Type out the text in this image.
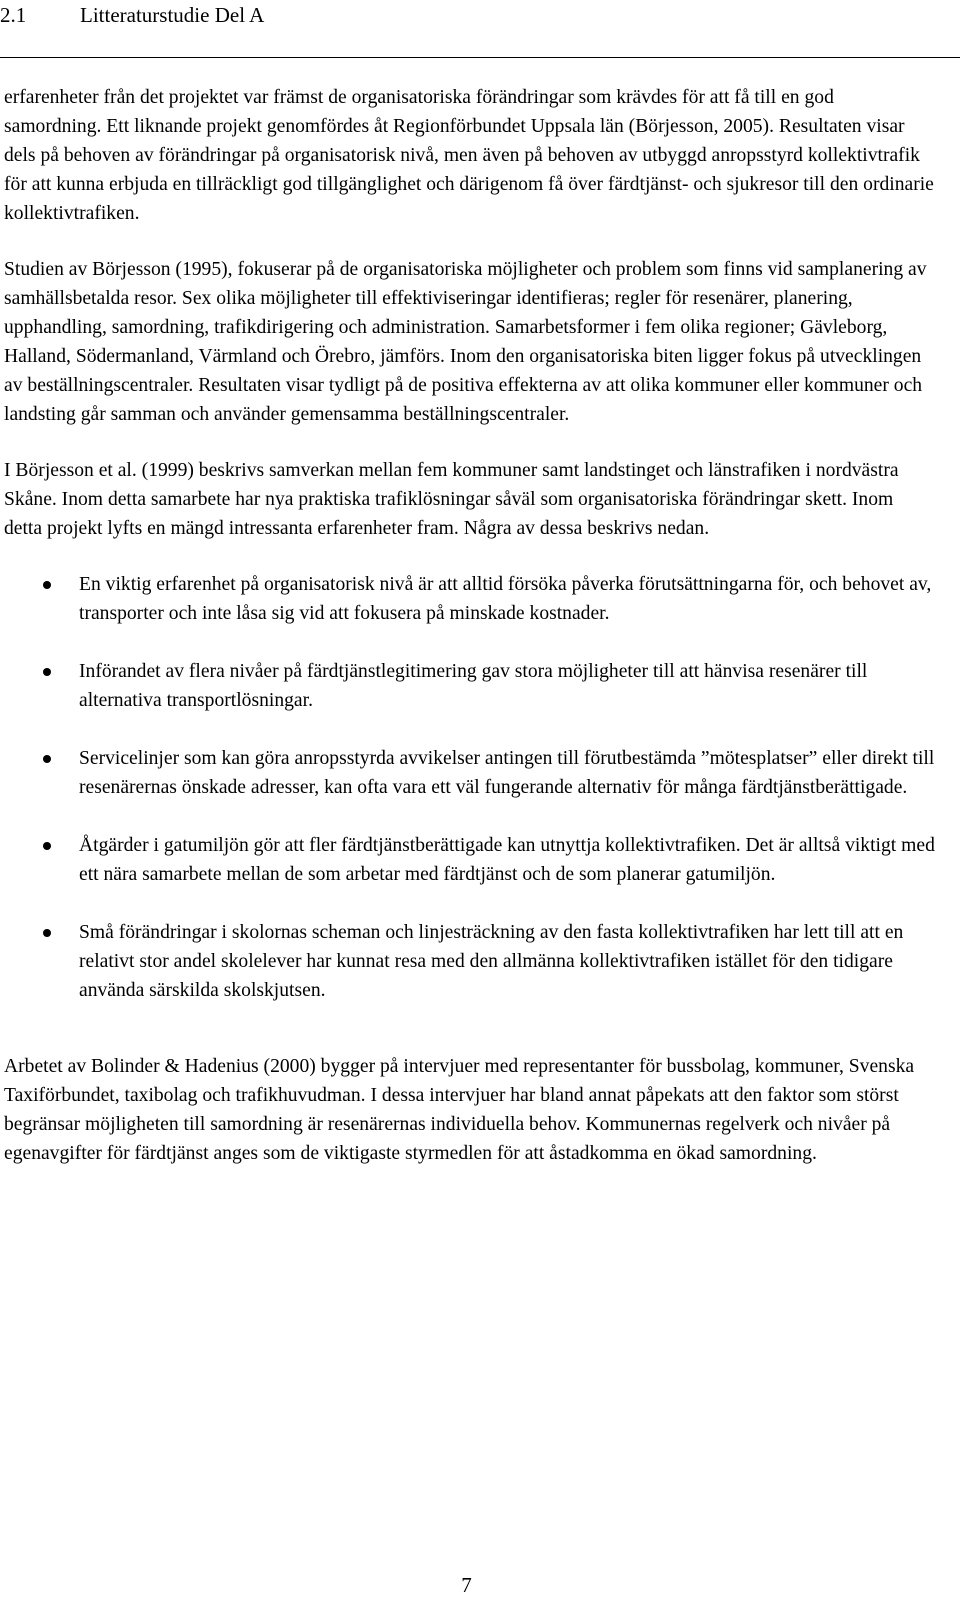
2.1	Litteraturstudie Del A

erfarenheter från det projektet var främst de organisatoriska förändringar som krävdes för att få till en god samordning. Ett liknande projekt genomfördes åt Regionförbundet Uppsala län (Börjesson, 2005). Resultaten visar dels på behoven av förändringar på organisatorisk nivå, men även på behoven av utbyggd anropsstyrd kollektivtrafik för att kunna erbjuda en tillräckligt god tillgänglighet och därigenom få över färdtjänst- och sjukresor till den ordinarie kollektivtrafiken.

Studien av Börjesson (1995), fokuserar på de organisatoriska möjligheter och problem som finns vid samplanering av samhällsbetalda resor. Sex olika möjligheter till effektiviseringar identifieras; regler för resenärer, planering, upphandling, samordning, trafikdirigering och administration. Samarbetsformer i fem olika regioner; Gävleborg, Halland, Södermanland, Värmland och Örebro, jämförs. Inom den organisatoriska biten ligger fokus på utvecklingen av beställningscentraler. Resultaten visar tydligt på de positiva effekterna av att olika kommuner eller kommuner och landsting går samman och använder gemensamma beställningscentraler.

I Börjesson et al. (1999) beskrivs samverkan mellan fem kommuner samt landstinget och länstrafiken i nordvästra Skåne. Inom detta samarbete har nya praktiska trafiklösningar såväl som organisatoriska förändringar skett. Inom detta projekt lyfts en mängd intressanta erfarenheter fram. Några av dessa beskrivs nedan.

En viktig erfarenhet på organisatorisk nivå är att alltid försöka påverka förutsättningarna för, och behovet av, transporter och inte låsa sig vid att fokusera på minskade kostnader.
Införandet av flera nivåer på färdtjänstlegitimering gav stora möjligheter till att hänvisa resenärer till alternativa transportlösningar.
Servicelinjer som kan göra anropsstyrda avvikelser antingen till förutbestämda ”mötesplatser” eller direkt till resenärernas önskade adresser, kan ofta vara ett väl fungerande alternativ för många färdtjänstberättigade.
Åtgärder i gatumiljön gör att fler färdtjänstberättigade kan utnyttja kollektivtrafiken. Det är alltså viktigt med ett nära samarbete mellan de som arbetar med färdtjänst och de som planerar gatumiljön.
Små förändringar i skolornas scheman och linjesträckning av den fasta kollektivtrafiken har lett till att en relativt stor andel skolelever har kunnat resa med den allmänna kollektivtrafiken istället för den tidigare använda särskilda skolskjutsen.

Arbetet av Bolinder & Hadenius (2000) bygger på intervjuer med representanter för bussbolag, kommuner, Svenska Taxiförbundet, taxibolag och trafikhuvudman. I dessa intervjuer har bland annat påpekats att den faktor som störst begränsar möjligheten till samordning är resenärernas individuella behov. Kommunernas regelverk och nivåer på egenavgifter för färdtjänst anges som de viktigaste styrmedlen för att åstadkomma en ökad samordning.

7
